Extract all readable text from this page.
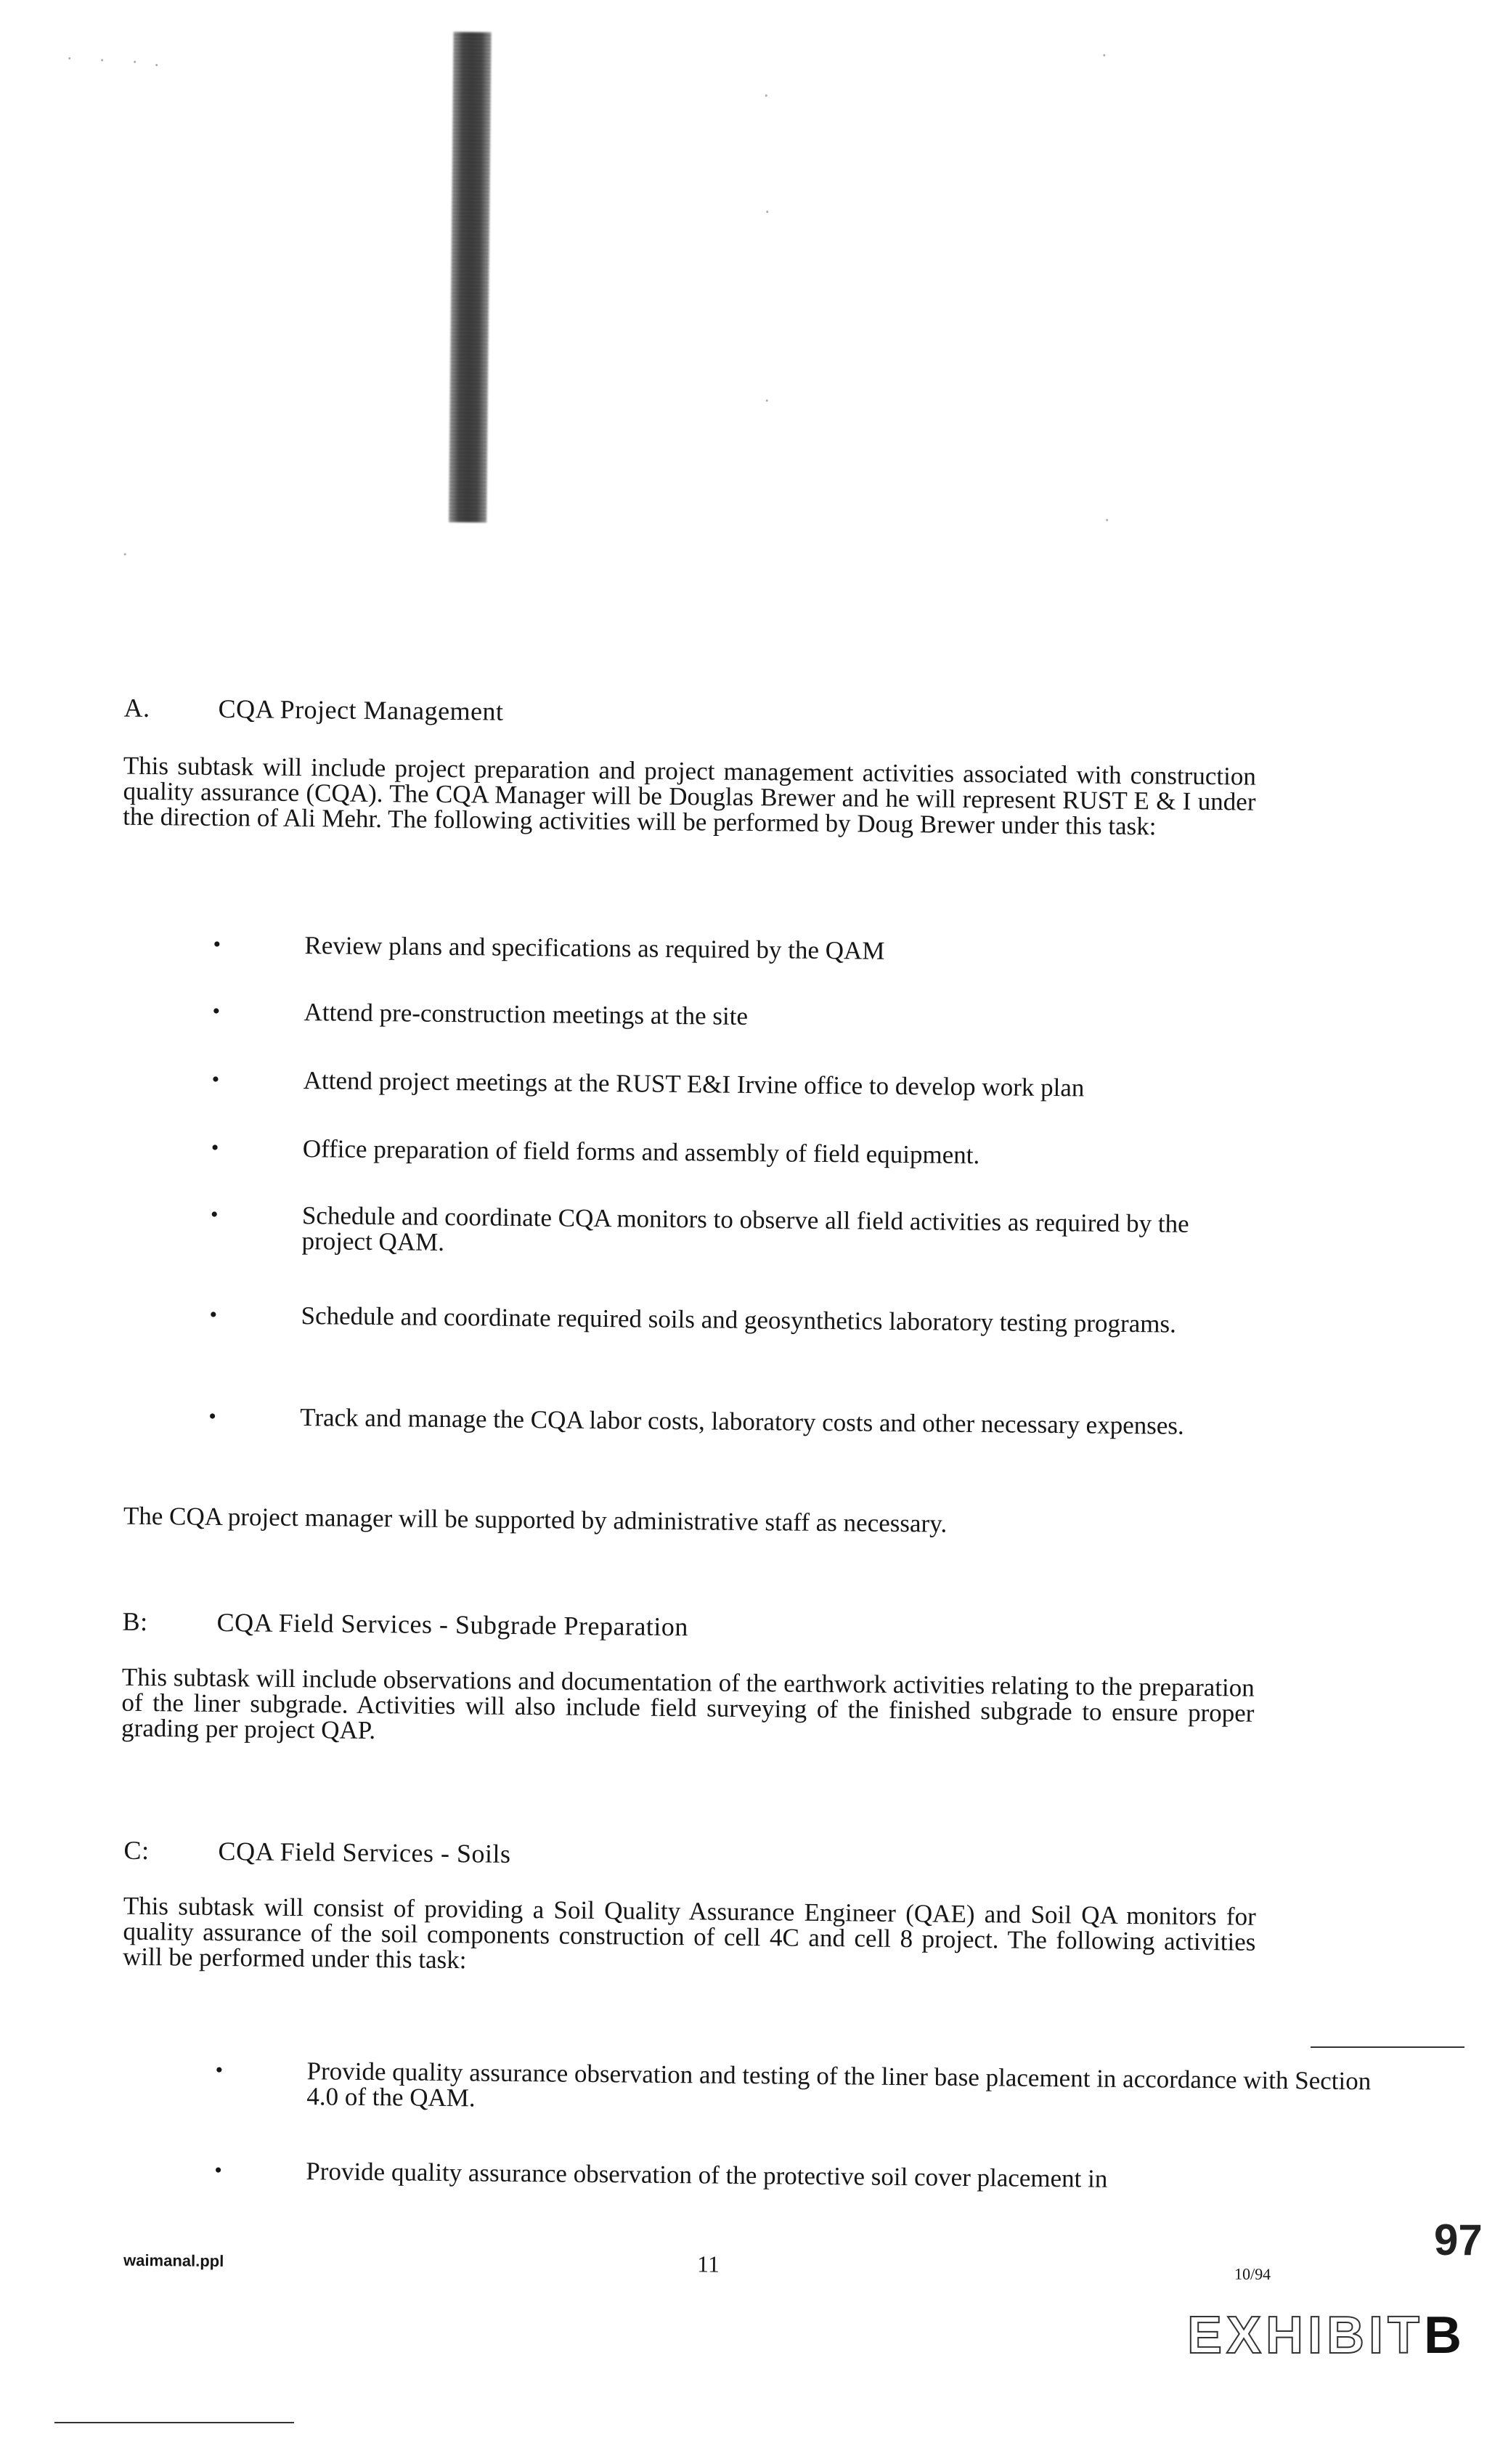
A.	CQA Project Management
This subtask will include project preparation and project management activities associated with construction quality assurance (CQA). The CQA Manager will be Douglas Brewer and he will represent RUST E & I under the direction of Ali Mehr. The following activities will be performed by Doug Brewer under this task:
•	Review plans and specifications as required by the QAM
•	Attend pre-construction meetings at the site
•	Attend project meetings at the RUST E&I Irvine office to develop work plan
•	Office preparation of field forms and assembly of field equipment.
•	Schedule and coordinate CQA monitors to observe all field activities as required by the project QAM.
•	Schedule and coordinate required soils and geosynthetics laboratory testing programs.
•	Track and manage the CQA labor costs, laboratory costs and other necessary expenses.
The CQA project manager will be supported by administrative staff as necessary.
B:	CQA Field Services - Subgrade Preparation
This subtask will include observations and documentation of the earthwork activities relating to the preparation of the liner subgrade. Activities will also include field surveying of the finished subgrade to ensure proper grading per project QAP.
C:	CQA Field Services - Soils
This subtask will consist of providing a Soil Quality Assurance Engineer (QAE) and Soil QA monitors for quality assurance of the soil components construction of cell 4C and cell 8 project. The following activities will be performed under this task:
•	Provide quality assurance observation and testing of the liner base placement in accordance with Section 4.0 of the QAM.
•	Provide quality assurance observation of the protective soil cover placement in
waimanal.ppl	11	10/94
97
EXHIBITB
